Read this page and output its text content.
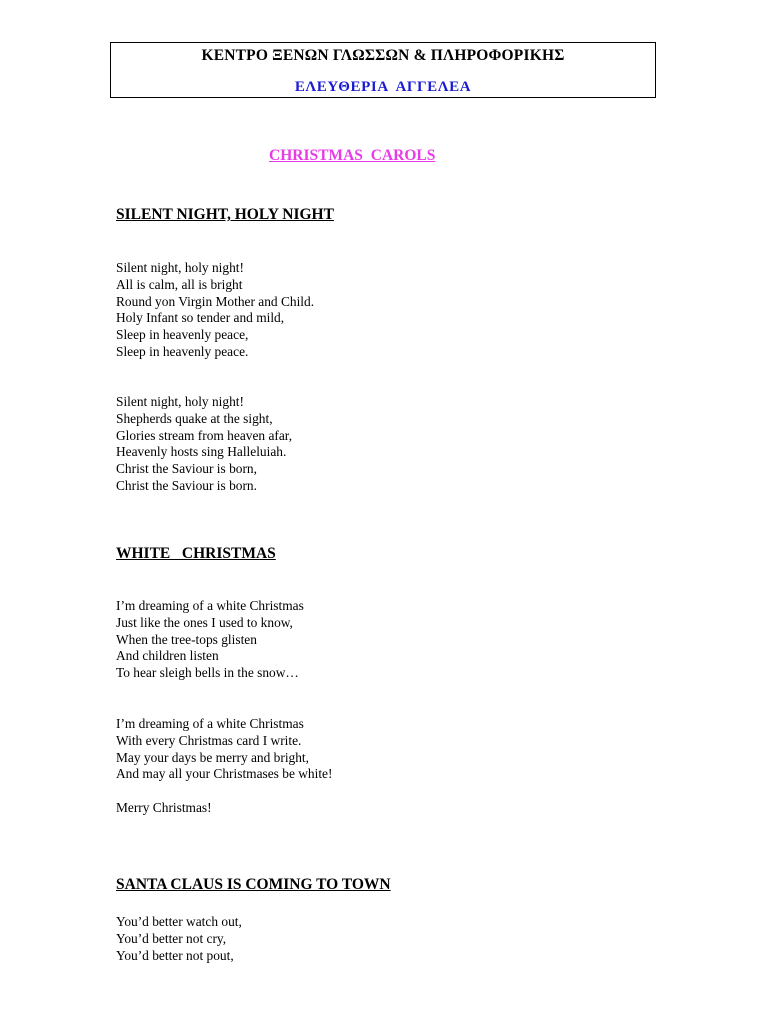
ΚΕΝΤΡΟ ΞΕΝΩΝ ΓΛΩΣΣΩΝ & ΠΛΗΡΟΦΟΡΙΚΗΣ
ΕΛΕΥΘΕΡΙΑ ΑΓΓΕΛΕΑ
CHRISTMAS CAROLS
SILENT NIGHT, HOLY NIGHT
Silent night, holy night!
All is calm, all is bright
Round yon Virgin Mother and Child.
Holy Infant so tender and mild,
Sleep in heavenly peace,
Sleep in heavenly peace.
Silent night, holy night!
Shepherds quake at the sight,
Glories stream from heaven afar,
Heavenly hosts sing Halleluiah.
Christ the Saviour is born,
Christ the Saviour is born.
WHITE   CHRISTMAS
I’m dreaming of a white Christmas
Just like the ones I used to know,
When the tree-tops glisten
And children listen
To hear sleigh bells in the snow…
I’m dreaming of a white Christmas
With every Christmas card I write.
May your days be merry and bright,
And may all your Christmases be white!
Merry Christmas!
SANTA CLAUS IS COMING TO TOWN
You’d better watch out,
You’d better not cry,
You’d better not pout,
